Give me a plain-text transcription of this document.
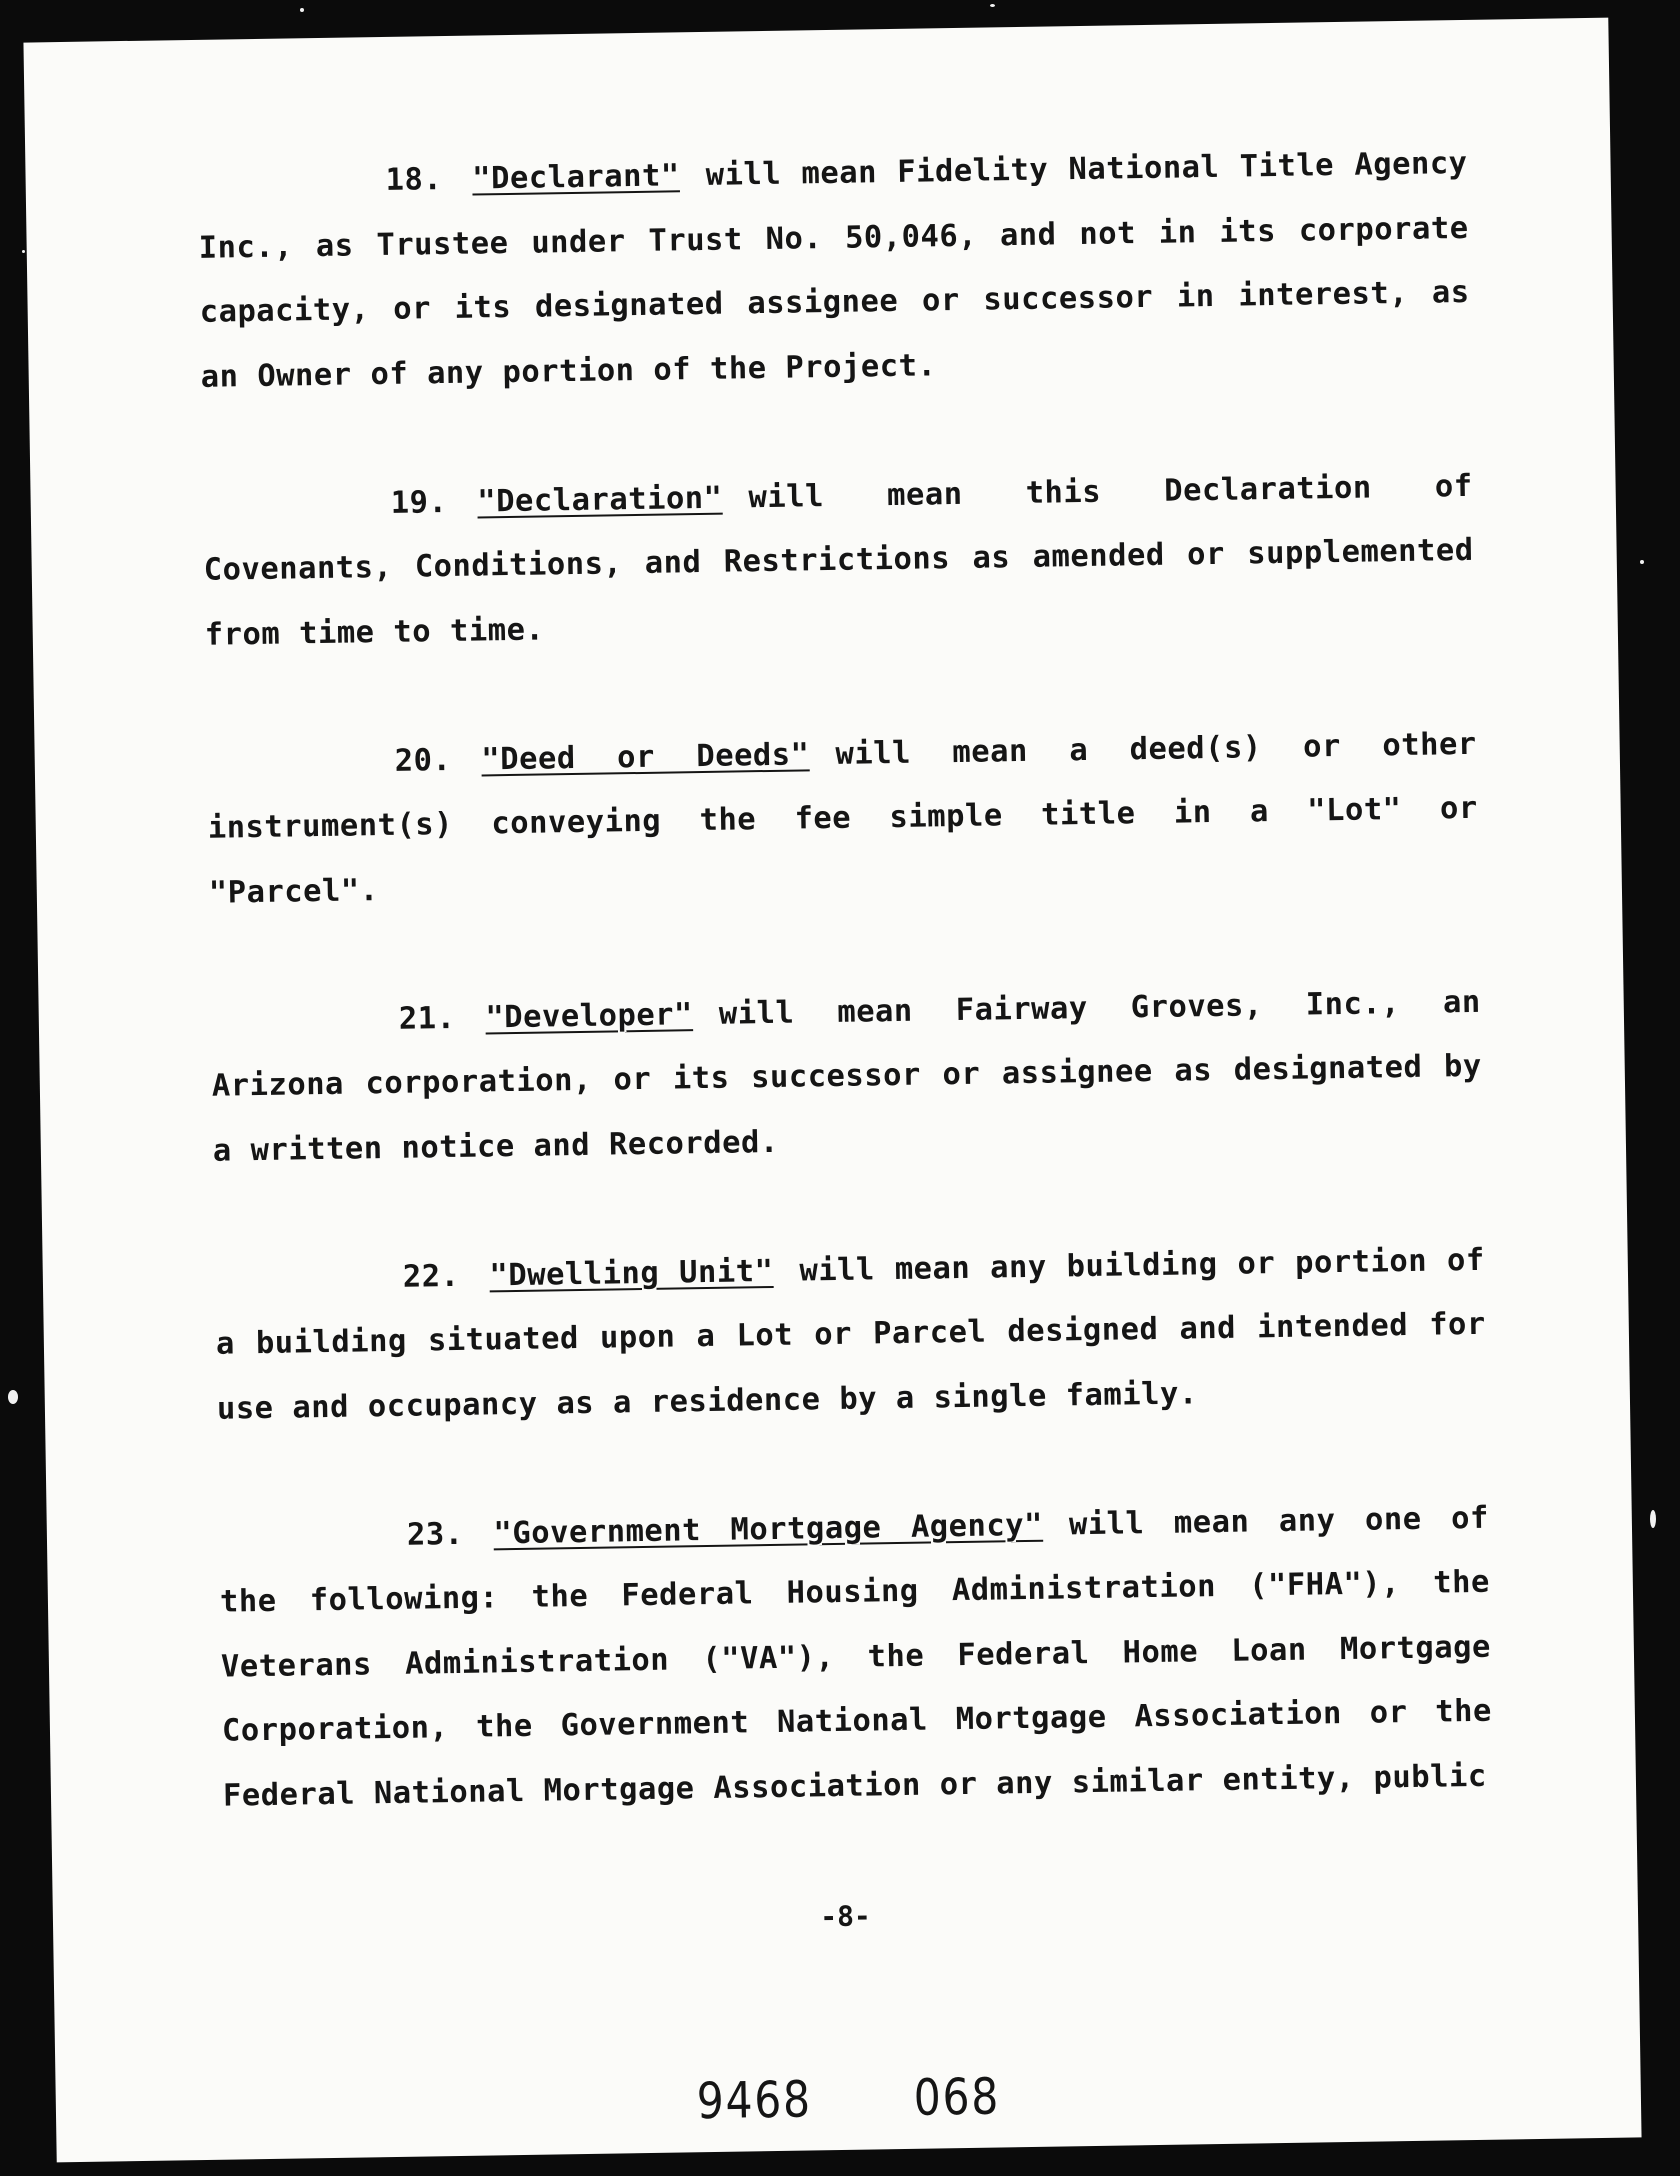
18. "Declarant" will mean Fidelity National Title Agency Inc., as Trustee under Trust No. 50,046, and not in its corporate capacity, or its designated assignee or successor in interest, as an Owner of any portion of the Project.

19. "Declaration" will mean this Declaration of Covenants, Conditions, and Restrictions as amended or supplemented from time to time.

20. "Deed or Deeds" will mean a deed(s) or other instrument(s) conveying the fee simple title in a "Lot" or "Parcel".

21. "Developer" will mean Fairway Groves, Inc., an Arizona corporation, or its successor or assignee as designated by a written notice and Recorded.

22. "Dwelling Unit" will mean any building or portion of a building situated upon a Lot or Parcel designed and intended for use and occupancy as a residence by a single family.

23. "Government Mortgage Agency" will mean any one of the following: the Federal Housing Administration ("FHA"), the Veterans Administration ("VA"), the Federal Home Loan Mortgage Corporation, the Government National Mortgage Association or the Federal National Mortgage Association or any similar entity, public

-8-
9468 068
